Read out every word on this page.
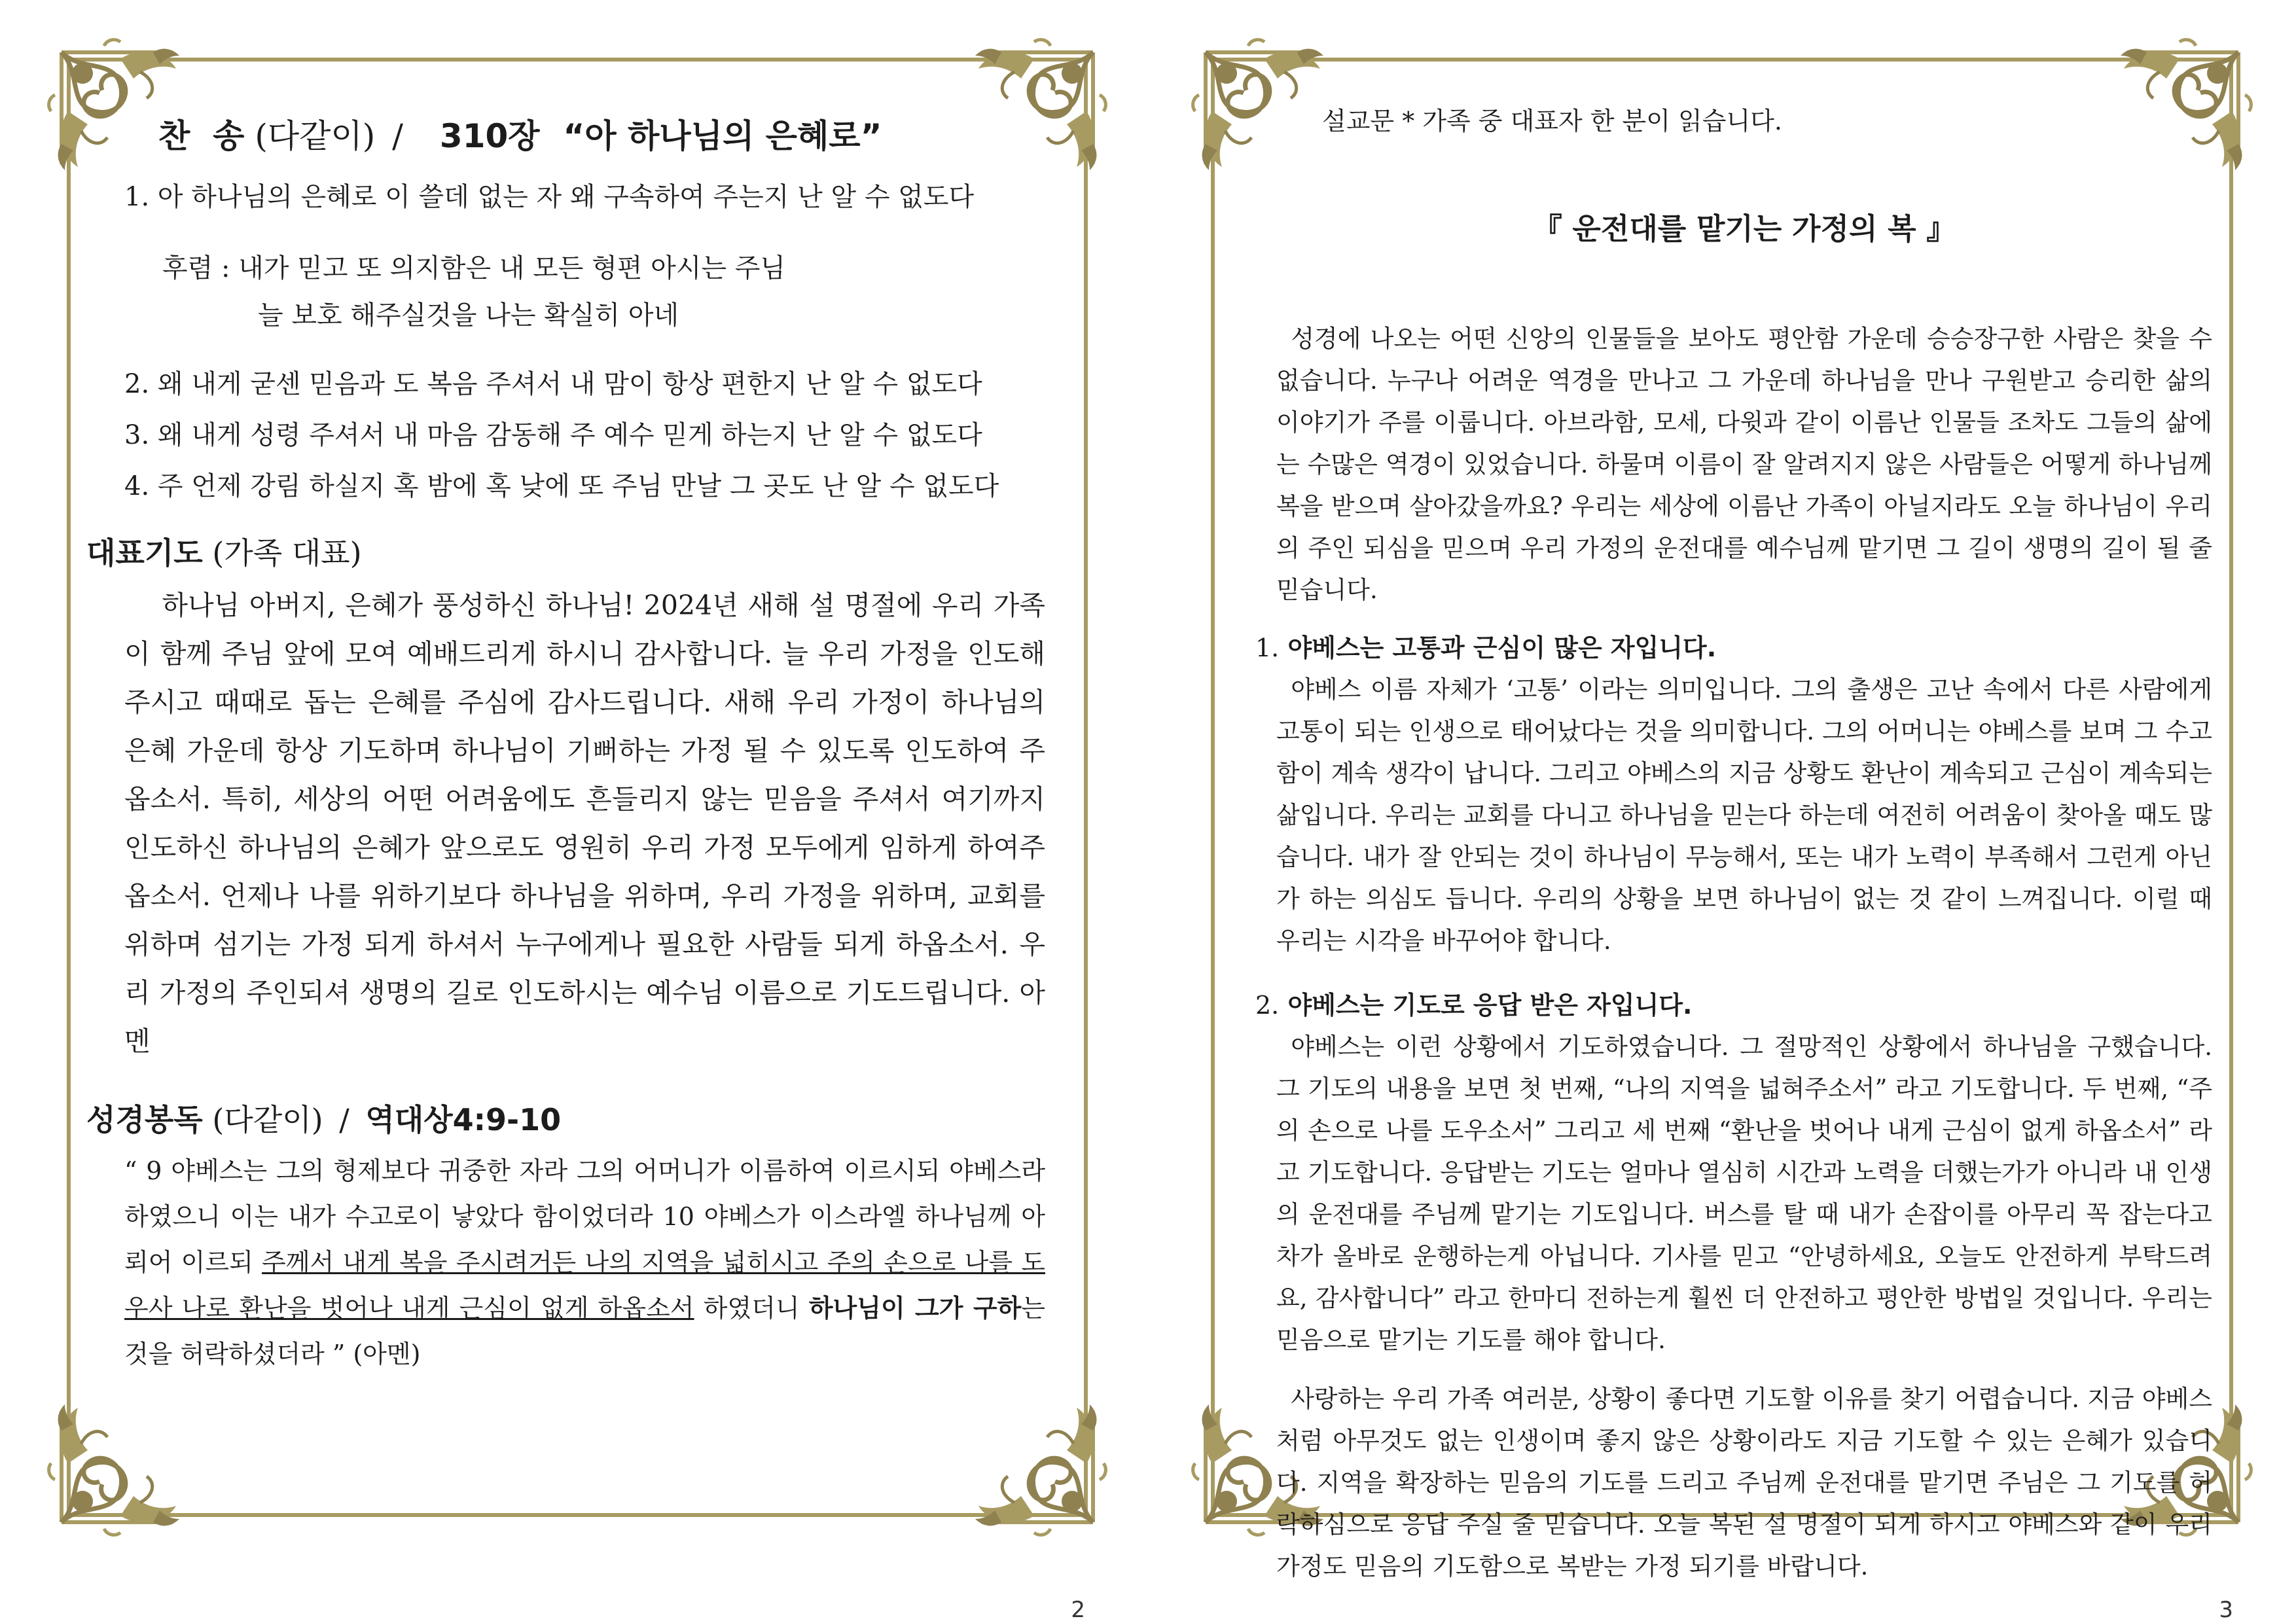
찬  송 (다같이) / 310장 “아 하나님의 은혜로”
1. 아 하나님의 은혜로 이 쓸데 없는 자 왜 구속하여 주는지 난 알 수 없도다
후렴 : 내가 믿고 또 의지함은 내 모든 형편 아시는 주님
늘 보호 해주실것을 나는 확실히 아네
2. 왜 내게 굳센 믿음과 도 복음 주셔서 내 맘이 항상 편한지 난 알 수 없도다
3. 왜 내게 성령 주셔서 내 마음 감동해 주 예수 믿게 하는지 난 알 수 없도다
4. 주 언제 강림 하실지 혹 밤에 혹 낮에 또 주님 만날 그 곳도 난 알 수 없도다
대표기도 (가족 대표)
하나님 아버지, 은혜가 풍성하신 하나님! 2024년 새해 설 명절에 우리 가족이 함께 주님 앞에 모여 예배드리게 하시니 감사합니다. 늘 우리 가정을 인도해주시고 때때로 돕는 은혜를 주심에 감사드립니다. 새해 우리 가정이 하나님의 은혜 가운데 항상 기도하며 하나님이 기뻐하는 가정 될 수 있도록 인도하여 주옵소서. 특히, 세상의 어떤 어려움에도 흔들리지 않는 믿음을 주셔서 여기까지 인도하신 하나님의 은혜가 앞으로도 영원히 우리 가정 모두에게 임하게 하여주옵소서. 언제나 나를 위하기보다 하나님을 위하며, 우리 가정을 위하며, 교회를 위하며 섬기는 가정 되게 하셔서 누구에게나 필요한 사람들 되게 하옵소서. 우리 가정의 주인되셔 생명의 길로 인도하시는 예수님 이름으로 기도드립니다. 아멘
성경봉독 (다같이) / 역대상4:9-10
“ 9 야베스는 그의 형제보다 귀중한 자라 그의 어머니가 이름하여 이르시되 야베스라 하였으니 이는 내가 수고로이 낳았다 함이었더라 10 야베스가 이스라엘 하나님께 아뢰어 이르되 주께서 내게 복을 주시려거든 나의 지역을 넓히시고 주의 손으로 나를 도우사 나로 환난을 벗어나 내게 근심이 없게 하옵소서 하였더니 하나님이 그가 구하는 것을 허락하셨더라 ” (아멘)
2	3
설교문 * 가족 중 대표자 한 분이 읽습니다.
『 운전대를 맡기는 가정의 복 』

성경에 나오는 어떤 신앙의 인물들을 보아도 평안함 가운데 승승장구한 사람은 찾을 수 없습니다. 누구나 어려운 역경을 만나고 그 가운데 하나님을 만나 구원받고 승리한 삶의 이야기가 주를 이룹니다. 아브라함, 모세, 다윗과 같이 이름난 인물들 조차도 그들의 삶에는 수많은 역경이 있었습니다. 하물며 이름이 잘 알려지지 않은 사람들은 어떻게 하나님께 복을 받으며 살아갔을까요? 우리는 세상에 이름난 가족이 아닐지라도 오늘 하나님이 우리의 주인 되심을 믿으며 우리 가정의 운전대를 예수님께 맡기면 그 길이 생명의 길이 될 줄 믿습니다.

1. 야베스는 고통과 근심이 많은 자입니다.

야베스 이름 자체가 ‘고통’ 이라는 의미입니다. 그의 출생은 고난 속에서 다른 사람에게 고통이 되는 인생으로 태어났다는 것을 의미합니다. 그의 어머니는 야베스를 보며 그 수고함이 계속 생각이 납니다. 그리고 야베스의 지금 상황도 환난이 계속되고 근심이 계속되는 삶입니다. 우리는 교회를 다니고 하나님을 믿는다 하는데 여전히 어려움이 찾아올 때도 많습니다. 내가 잘 안되는 것이 하나님이 무능해서, 또는 내가 노력이 부족해서 그런게 아닌가 하는 의심도 듭니다. 우리의 상황을 보면 하나님이 없는 것 같이 느껴집니다. 이럴 때 우리는 시각을 바꾸어야 합니다.

2. 야베스는 기도로 응답 받은 자입니다.

야베스는 이런 상황에서 기도하였습니다. 그 절망적인 상황에서 하나님을 구했습니다. 그 기도의 내용을 보면 첫 번째, “나의 지역을 넓혀주소서” 라고 기도합니다. 두 번째, “주의 손으로 나를 도우소서” 그리고 세 번째 “환난을 벗어나 내게 근심이 없게 하옵소서” 라고 기도합니다. 응답받는 기도는 얼마나 열심히 시간과 노력을 더했는가가 아니라 내 인생의 운전대를 주님께 맡기는 기도입니다. 버스를 탈 때 내가 손잡이를 아무리 꼭 잡는다고 차가 올바로 운행하는게 아닙니다. 기사를 믿고 “안녕하세요, 오늘도 안전하게 부탁드려요, 감사합니다” 라고 한마디 전하는게 훨씬 더 안전하고 평안한 방법일 것입니다. 우리는 믿음으로 맡기는 기도를 해야 합니다.

사랑하는 우리 가족 여러분, 상황이 좋다면 기도할 이유를 찾기 어렵습니다. 지금 야베스처럼 아무것도 없는 인생이며 좋지 않은 상황이라도 지금 기도할 수 있는 은혜가 있습니다. 지역을 확장하는 믿음의 기도를 드리고 주님께 운전대를 맡기면 주님은 그 기도를 허락하심으로 응답 주실 줄 믿습니다. 오늘 복된 설 명절이 되게 하시고 야베스와 같이 우리 가정도 믿음의 기도함으로 복받는 가정 되기를 바랍니다.
